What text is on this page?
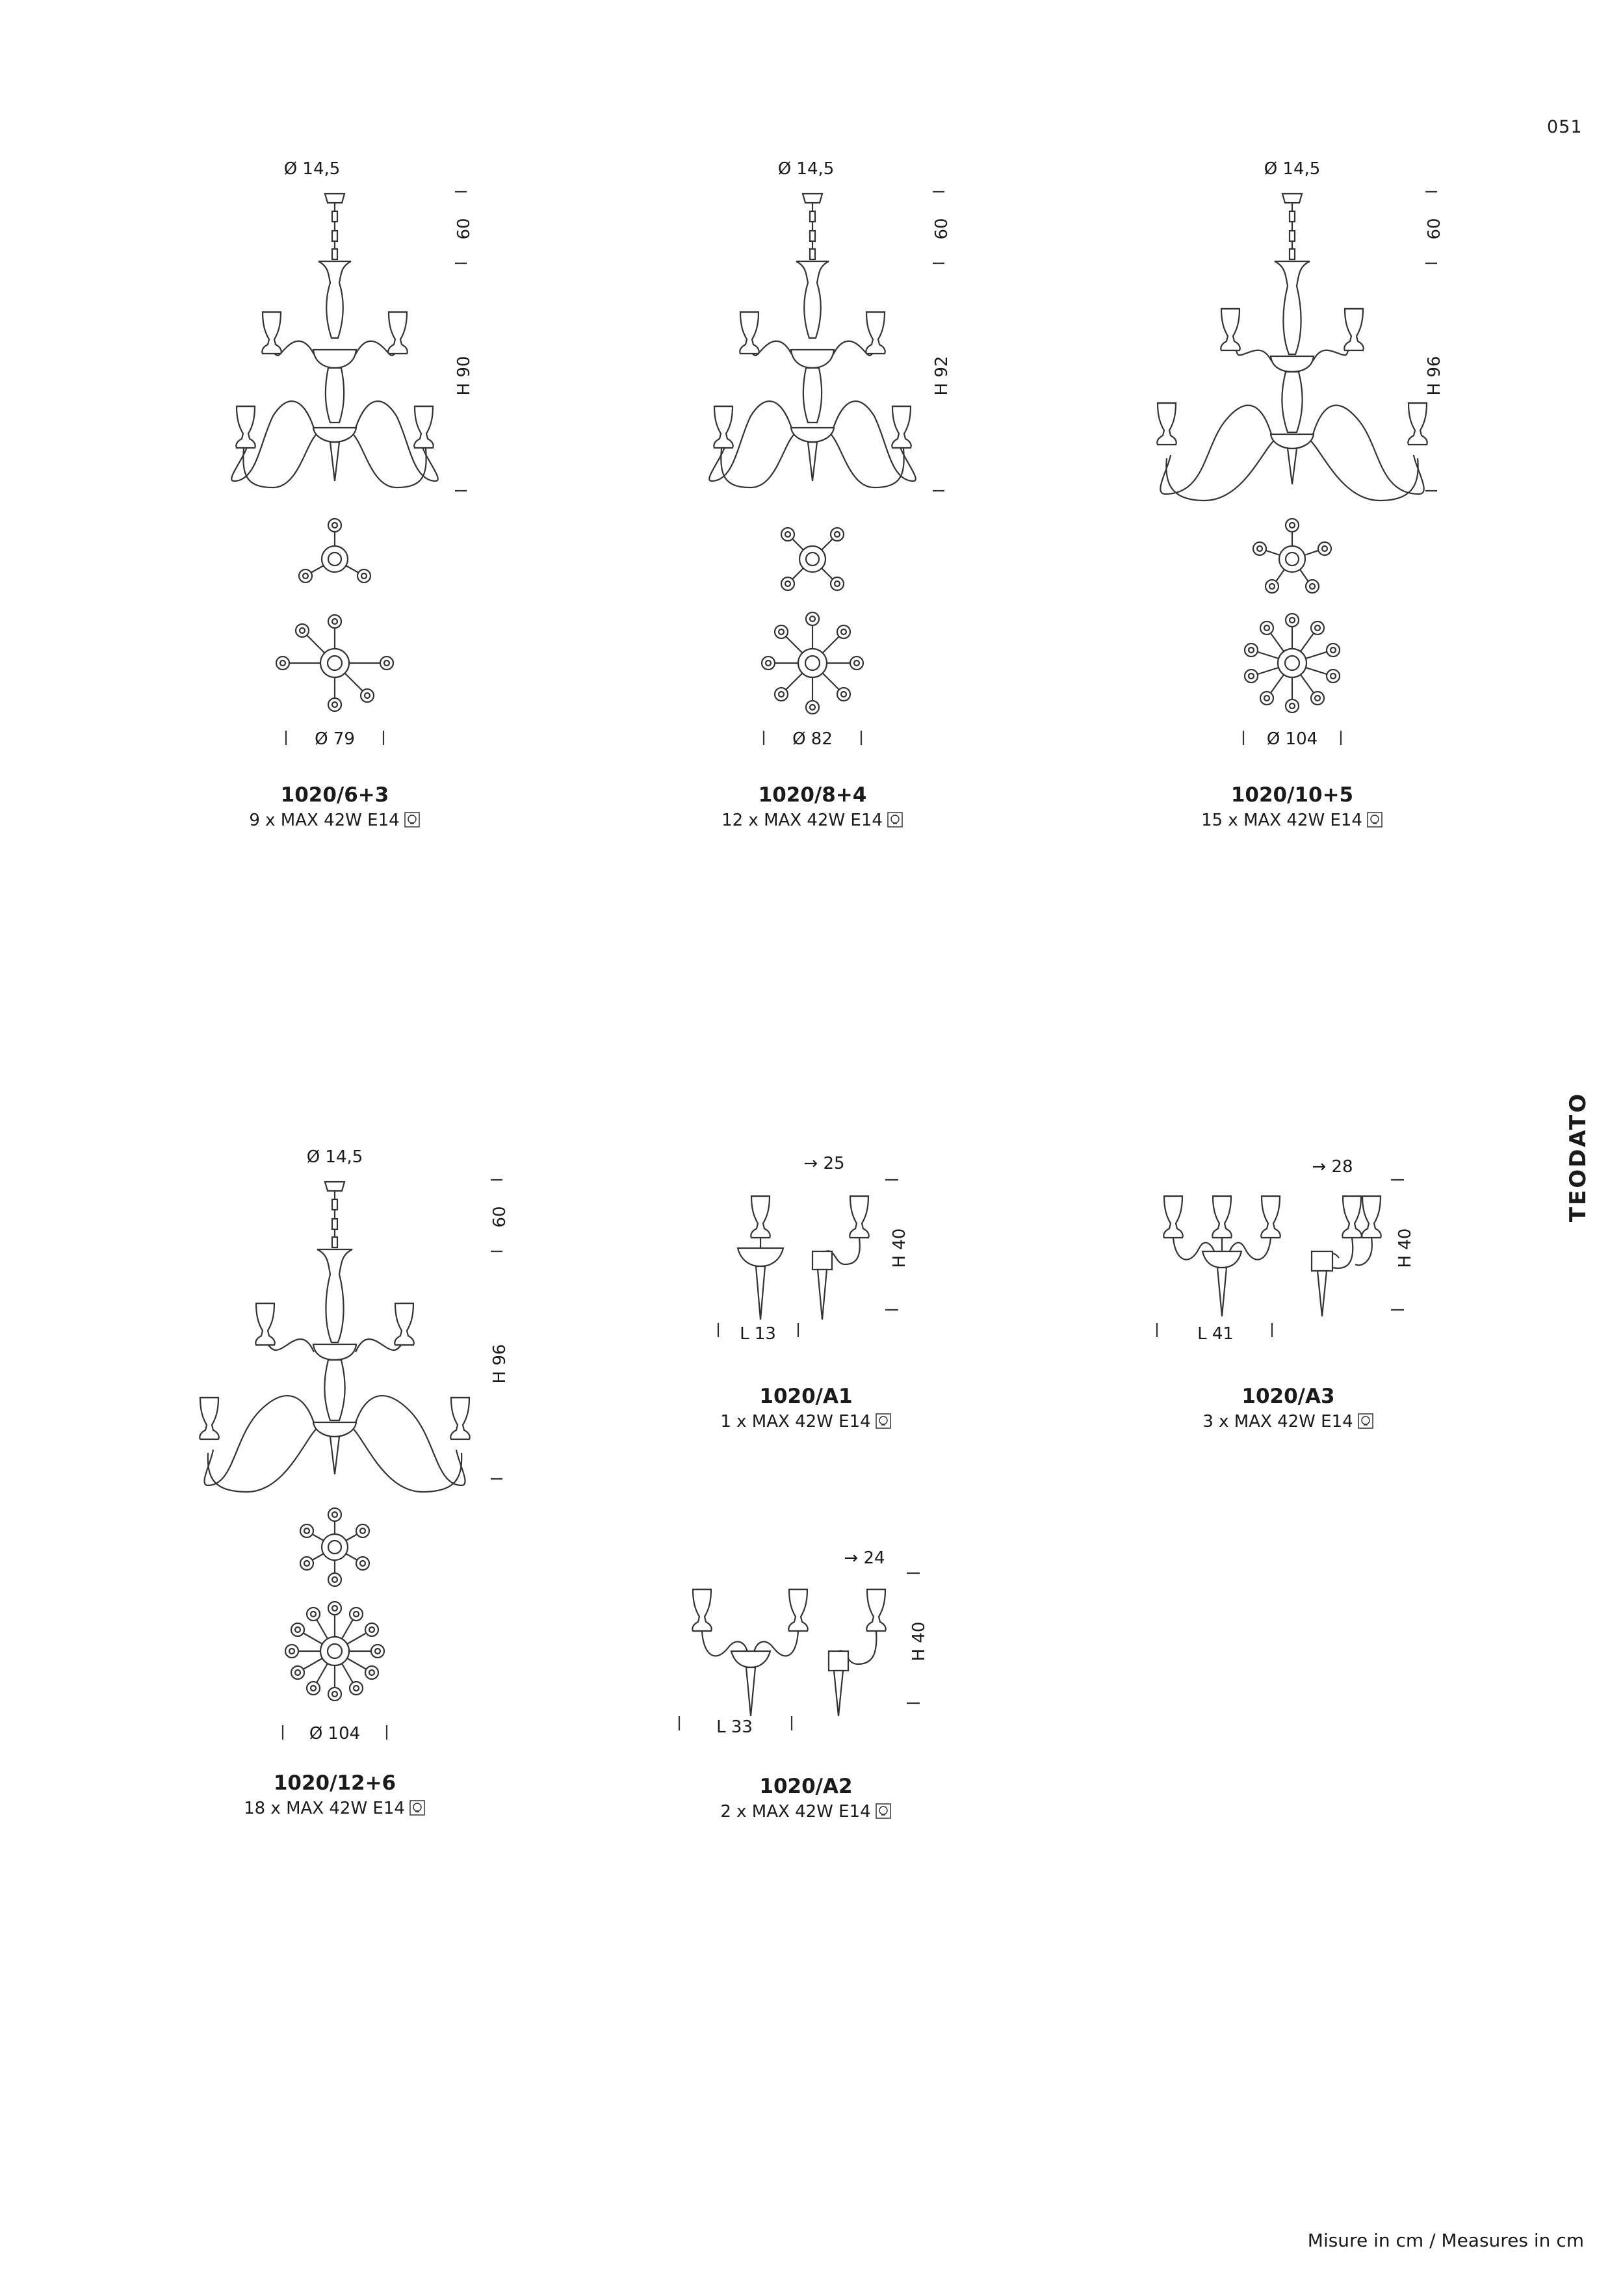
051
TEODATO
Misure in cm / Measures in cm
Ø 14,5
60
H 90
Ø 79
Ø 14,5
60
H 92
Ø 82
Ø 14,5
60
H 96
Ø 104
Ø 14,5
60
H 96
Ø 104
→ 25
H 40
L 13
→ 28
H 40
L 41
→ 24
H 40
L 33
1020/6+3
9 x MAX 42W E14
1020/8+4
12 x MAX 42W E14
1020/10+5
15 x MAX 42W E14
1020/12+6
18 x MAX 42W E14
1020/A1
1 x MAX 42W E14
1020/A3
3 x MAX 42W E14
1020/A2
2 x MAX 42W E14
